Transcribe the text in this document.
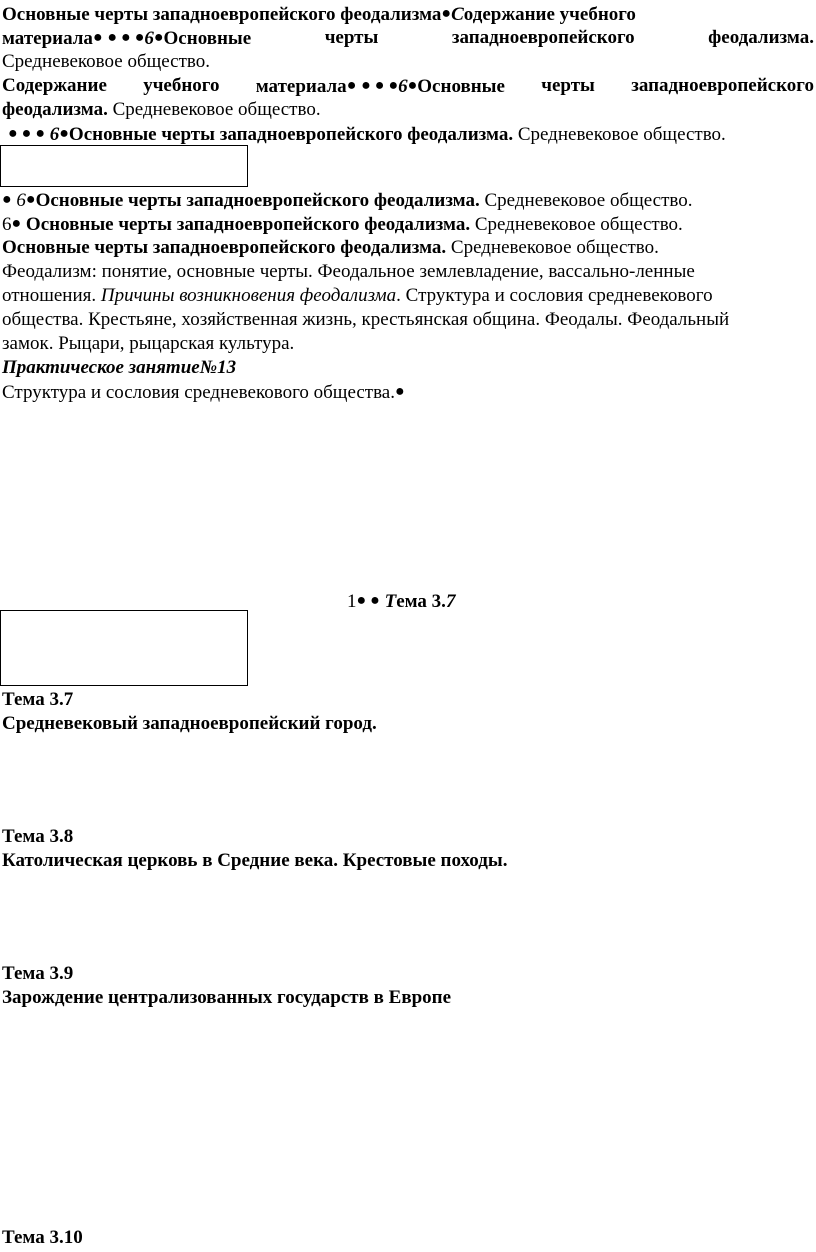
Основные черты западноевропейского феодализма●Содержание учебного
материала● ● ● ●6●Основные	черты	западноевропейского	феодализма.
Средневековое общество.
Содержание учебного материала● ● ● ●6●Основные черты западноевропейского
феодализма. Средневековое общество.
● ● ● 6●Основные черты западноевропейского феодализма. Средневековое общество.
● 6●Основные черты западноевропейского феодализма. Средневековое общество.
6● Основные черты западноевропейского феодализма. Средневековое общество.
Основные черты западноевропейского феодализма. Средневековое общество.
Феодализм: понятие, основные черты. Феодальное землевладение, вассально-ленные
отношения. Причины возникновения феодализма. Структура и сословия средневекового
общества. Крестьяне, хозяйственная жизнь, крестьянская община. Феодалы. Феодальный
замок. Рыцари, рыцарская культура.
Практическое занятие№13
Структура и сословия средневекового общества.●
1● ● Тема 3.7
Тема 3.7
Средневековый западноевропейский город.
Тема 3.8
Католическая церковь в Средние века. Крестовые походы.
Тема 3.9
Зарождение централизованных государств в Европе
Тема 3.10
